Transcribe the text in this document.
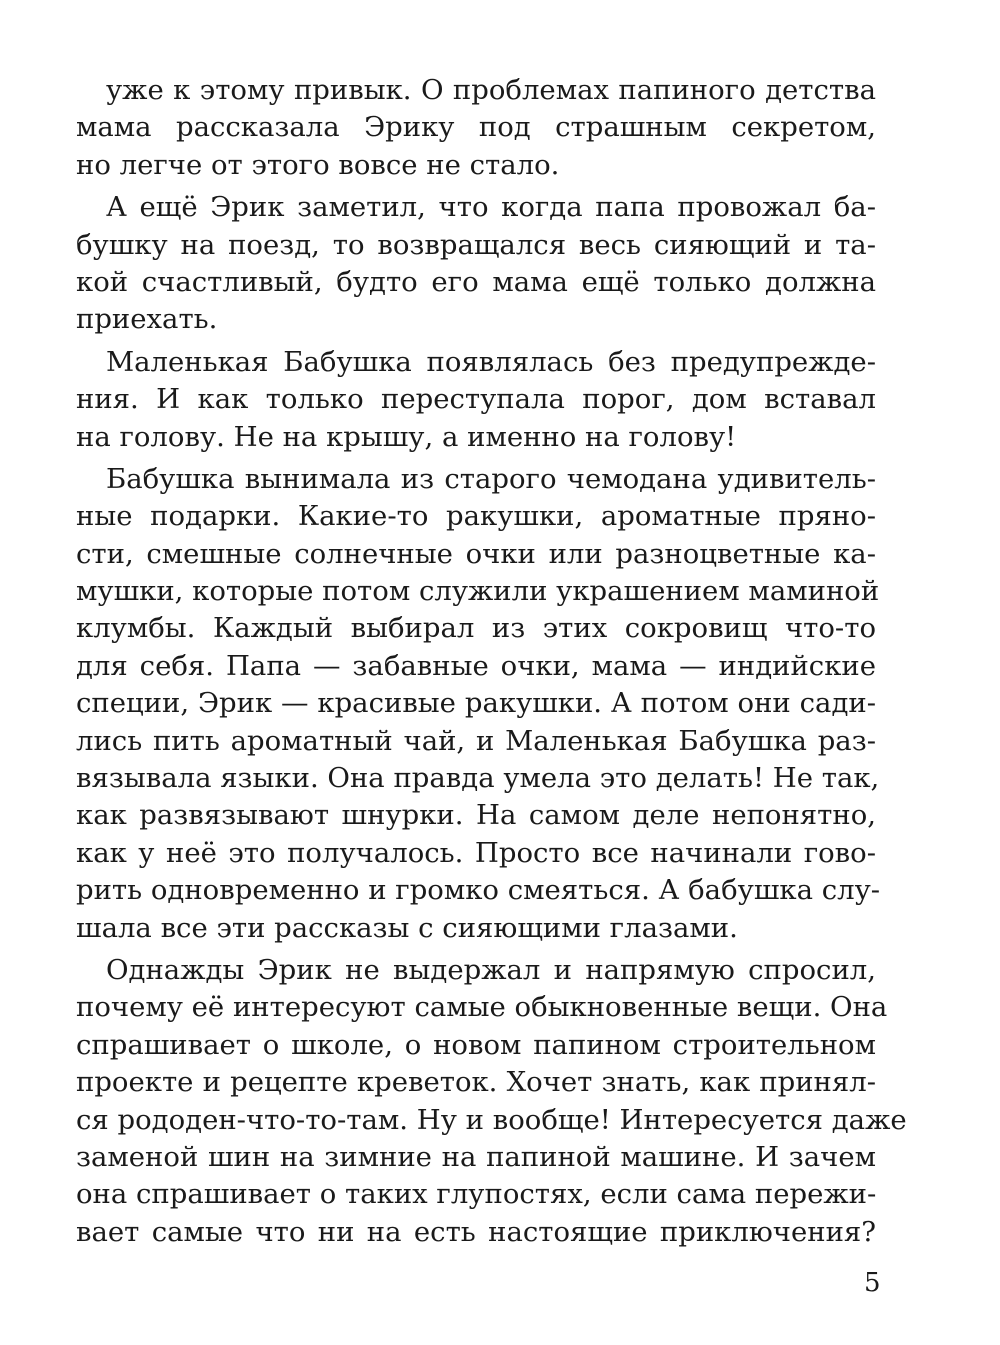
уже к этому привык. О проблемах папиного детства
мама рассказала Эрику под страшным секретом,
но легче от этого вовсе не стало.
А ещё Эрик заметил, что когда папа провожал ба-
бушку на поезд, то возвращался весь сияющий и та-
кой счастливый, будто его мама ещё только должна
приехать.
Маленькая Бабушка появлялась без предупрежде-
ния. И как только переступала порог, дом вставал
на голову. Не на крышу, а именно на голову!
Бабушка вынимала из старого чемодана удивитель-
ные подарки. Какие-то ракушки, ароматные пряно-
сти, смешные солнечные очки или разноцветные ка-
мушки, которые потом служили украшением маминой
клумбы. Каждый выбирал из этих сокровищ что-то
для себя. Папа — забавные очки, мама — индийские
специи, Эрик — красивые ракушки. А потом они сади-
лись пить ароматный чай, и Маленькая Бабушка раз-
вязывала языки. Она правда умела это делать! Не так,
как развязывают шнурки. На самом деле непонятно,
как у неё это получалось. Просто все начинали гово-
рить одновременно и громко смеяться. А бабушка слу-
шала все эти рассказы с сияющими глазами.
Однажды Эрик не выдержал и напрямую спросил,
почему её интересуют самые обыкновенные вещи. Она
спрашивает о школе, о новом папином строительном
проекте и рецепте креветок. Хочет знать, как принял-
ся рододен-что-то-там. Ну и вообще! Интересуется даже
заменой шин на зимние на папиной машине. И зачем
она спрашивает о таких глупостях, если сама пережи-
вает самые что ни на есть настоящие приключения?
5
